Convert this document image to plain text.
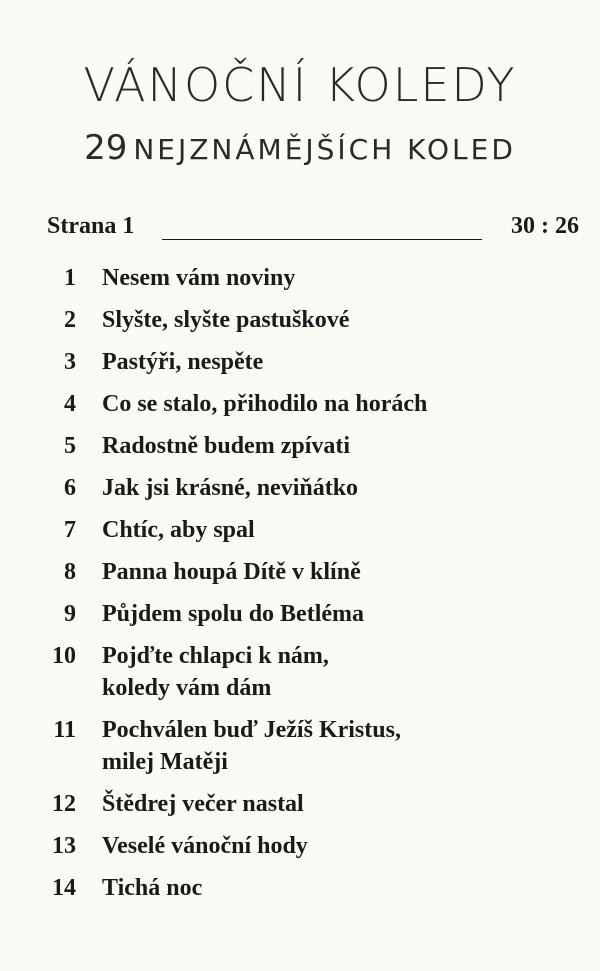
VÁNOČNÍ KOLEDY
29 NEJZNÁMĚJŠÍCH KOLED
Strana 1	30 : 26
1 Nesem vám noviny
2 Slyšte, slyšte pastuškové
3 Pastýři, nespěte
4 Co se stalo, přihodilo na horách
5 Radostně budem zpívati
6 Jak jsi krásné, neviňátko
7 Chtíc, aby spal
8 Panna houpá Dítě v klíně
9 Půjdem spolu do Betléma
10 Pojďte chlapci k nám,
koledy vám dám
11 Pochválen buď Ježíš Kristus,
milej Matěji
12 Štědrej večer nastal
13 Veselé vánoční hody
14 Tichá noc
